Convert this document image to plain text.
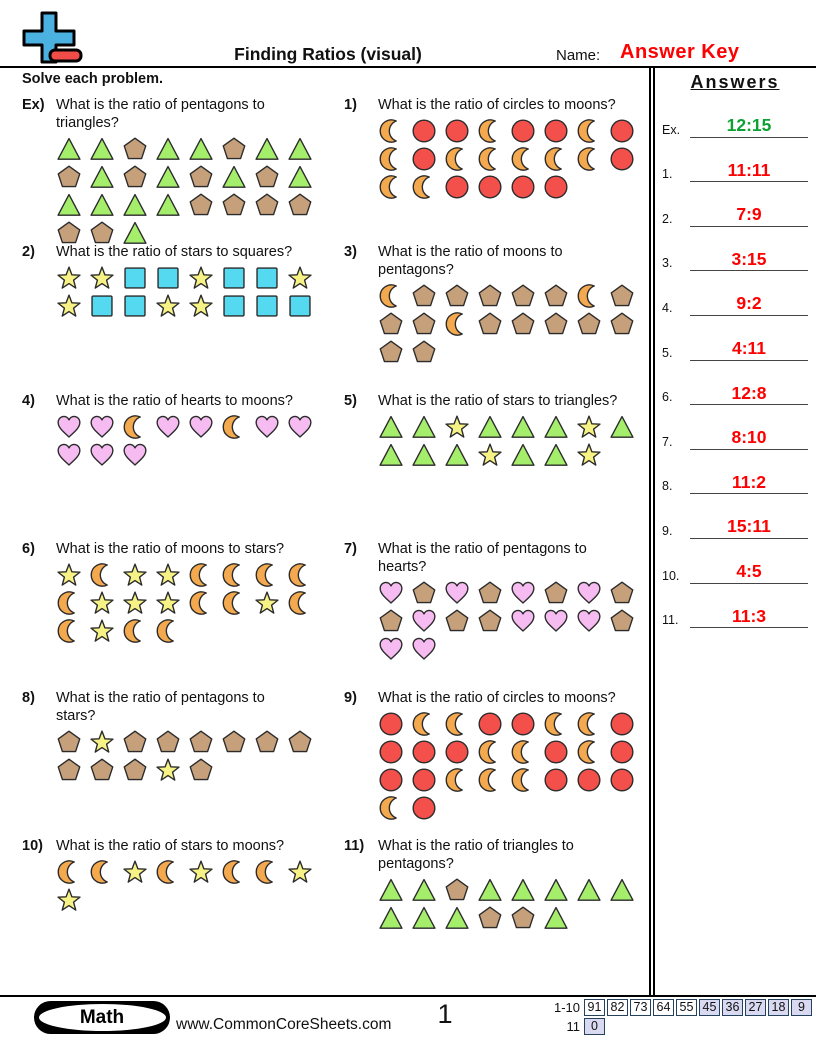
Finding Ratios (visual)	Name: Answer Key
Solve each problem.
Ex) What is the ratio of pentagons to
triangles?
1)	What is the ratio of circles to moons?
2)	What is the ratio of stars to squares?	3)	What is the ratio of moons to
pentagons?
4)	What is the ratio of hearts to moons?	5)	What is the ratio of stars to triangles?
6)	What is the ratio of moons to stars?	7)	What is the ratio of pentagons to
hearts?
8)	What is the ratio of pentagons to
stars?
9)	What is the ratio of circles to moons?
10) What is the ratio of stars to moons?	11) What is the ratio of triangles to
pentagons?
Answers
Ex.	12:15
1.	11:11
2.	7:9
3.	3:15
4.	9:2
5.	4:11
6.	12:8
7.	8:10
8.	11:2
9.	15:11
10.	4:5
11.	11:3
Math	www.CommonCoreSheets.com	1	1-10 91 82 73 64 55 45 36 27 18	9
11 0
